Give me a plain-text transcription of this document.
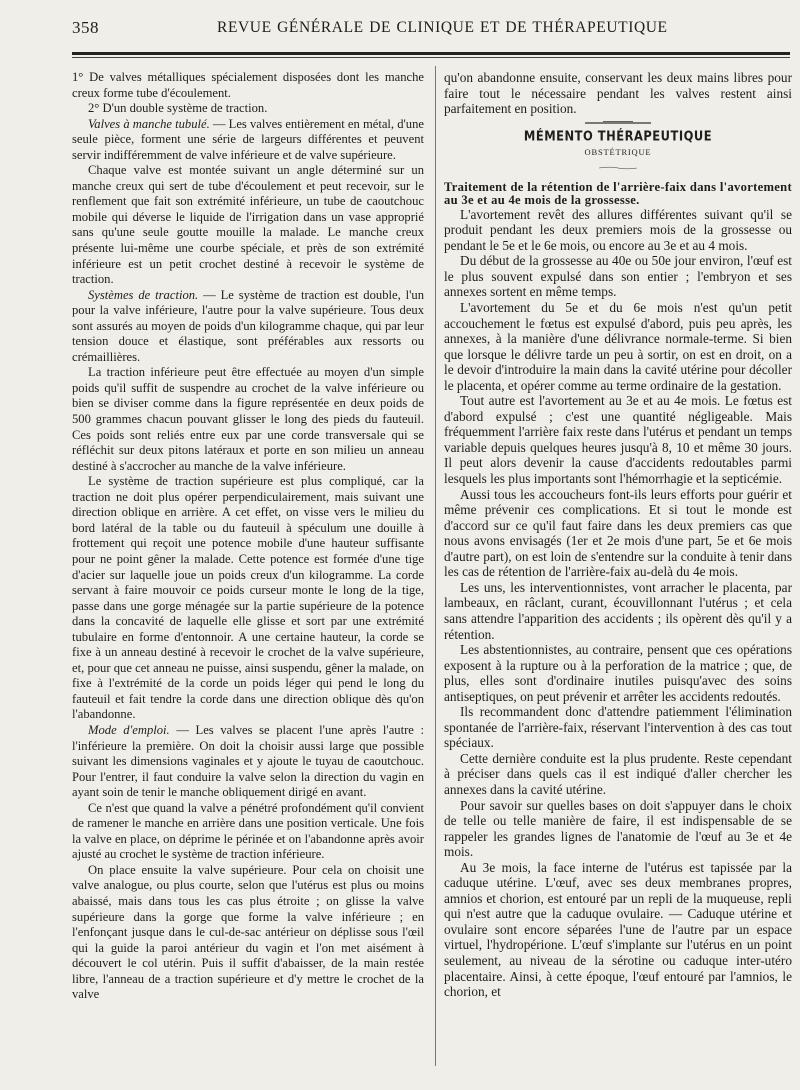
358	REVUE GÉNÉRALE DE CLINIQUE ET DE THÉRAPEUTIQUE

1° De valves métalliques spécialement disposées dont les manche creux forme tube d'écoulement.

2° D'un double système de traction.

Valves à manche tubulé. — Les valves entièrement en métal, d'une seule pièce, forment une série de largeurs différentes et peuvent servir indifféremment de valve inférieure et de valve supérieure.

Chaque valve est montée suivant un angle déterminé sur un manche creux qui sert de tube d'écoulement et peut recevoir, sur le renflement que fait son extrémité inférieure, un tube de caoutchouc mobile qui déverse le liquide de l'irrigation dans un vase approprié sans qu'une seule goutte mouille la malade. Le manche creux présente lui-même une courbe spéciale, et près de son extrémité inférieure est un petit crochet destiné à recevoir le système de traction.

Systèmes de traction. — Le système de traction est double, l'un pour la valve inférieure, l'autre pour la valve supérieure. Tous deux sont assurés au moyen de poids d'un kilogramme chaque, qui par leur tension douce et élastique, sont préférables aux ressorts ou crémaillières.

La traction inférieure peut être effectuée au moyen d'un simple poids qu'il suffit de suspendre au crochet de la valve inférieure ou bien se diviser comme dans la figure représentée en deux poids de 500 grammes chacun pouvant glisser le long des pieds du fauteuil. Ces poids sont reliés entre eux par une corde transversale qui se réfléchit sur deux pitons latéraux et porte en son milieu un anneau destiné à s'accrocher au manche de la valve inférieure.

Le système de traction supérieure est plus compliqué, car la traction ne doit plus opérer perpendiculairement, mais suivant une direction oblique en arrière. A cet effet, on visse vers le milieu du bord latéral de la table ou du fauteuil à spéculum une douille à frottement qui reçoit une potence mobile d'une hauteur suffisante pour ne point gêner la malade. Cette potence est formée d'une tige d'acier sur laquelle joue un poids creux d'un kilogramme. La corde servant à faire mouvoir ce poids curseur monte le long de la tige, passe dans une gorge ménagée sur la partie supérieure de la potence dans la concavité de laquelle elle glisse et sort par une extrémité tubulaire en forme d'entonnoir. A une certaine hauteur, la corde se fixe à un anneau destiné à recevoir le crochet de la valve supérieure, et, pour que cet anneau ne puisse, ainsi suspendu, gêner la malade, on fixe à l'extrémité de la corde un poids léger qui pend le long du fauteuil et fait tendre la corde dans une direction oblique dès qu'on l'abandonne.

Mode d'emploi. — Les valves se placent l'une après l'autre : l'inférieure la première. On doit la choisir aussi large que possible suivant les dimensions vaginales et y ajoute le tuyau de caoutchouc. Pour l'entrer, il faut conduire la valve selon la direction du vagin en ayant soin de tenir le manche obliquement dirigé en avant.

Ce n'est que quand la valve a pénétré profondément qu'il convient de ramener le manche en arrière dans une position verticale. Une fois la valve en place, on déprime le périnée et on l'abandonne après avoir ajusté au crochet le système de traction inférieure.

On place ensuite la valve supérieure. Pour cela on choisit une valve analogue, ou plus courte, selon que l'utérus est plus ou moins abaissé, mais dans tous les cas plus étroite ; on glisse la valve supérieure dans la gorge que forme la valve inférieure ; en l'enfonçant jusque dans le cul-de-sac antérieur on déplisse sous l'œil qui la guide la paroi antérieur du vagin et l'on met aisément à découvert le col utérin. Puis il suffit d'abaisser, de la main restée libre, l'anneau de a traction supérieure et d'y mettre le crochet de la valve

qu'on abandonne ensuite, conservant les deux mains libres pour faire tout le nécessaire pendant les valves restent ainsi parfaitement en position.

MÉMENTO THÉRAPEUTIQUE
OBSTÉTRIQUE

Traitement de la rétention de l'arrière-faix dans l'avortement au 3e et au 4e mois de la grossesse.

L'avortement revêt des allures différentes suivant qu'il se produit pendant les deux premiers mois de la grossesse ou pendant le 5e et le 6e mois, ou encore au 3e et au 4 mois.

Du début de la grossesse au 40e ou 50e jour environ, l'œuf est le plus souvent expulsé dans son entier ; l'embryon et ses annexes sortent en même temps.

L'avortement du 5e et du 6e mois n'est qu'un petit accouchement le fœtus est expulsé d'abord, puis peu après, les annexes, à la manière d'une délivrance normale-terme. Si bien que lorsque le délivre tarde un peu à sortir, on est en droit, on a le devoir d'introduire la main dans la cavité utérine pour décoller le placenta, et opérer comme au terme ordinaire de la gestation.

Tout autre est l'avortement au 3e et au 4e mois. Le fœtus est d'abord expulsé ; c'est une quantité négligeable. Mais fréquemment l'arrière faix reste dans l'utérus et pendant un temps variable depuis quelques heures jusqu'à 8, 10 et même 30 jours. Il peut alors devenir la cause d'accidents redoutables parmi lesquels les plus importants sont l'hémorrhagie et la septicémie.

Aussi tous les accoucheurs font-ils leurs efforts pour guérir et même prévenir ces complications. Et si tout le monde est d'accord sur ce qu'il faut faire dans les deux premiers cas que nous avons envisagés (1er et 2e mois d'une part, 5e et 6e mois d'autre part), on est loin de s'entendre sur la conduite à tenir dans les cas de rétention de l'arrière-faix au-delà du 4e mois.

Les uns, les interventionnistes, vont arracher le placenta, par lambeaux, en râclant, curant, écouvillonnant l'utérus ; et cela sans attendre l'apparition des accidents ; ils opèrent dès qu'il y a rétention.

Les abstentionnistes, au contraire, pensent que ces opérations exposent à la rupture ou à la perforation de la matrice ; que, de plus, elles sont d'ordinaire inutiles puisqu'avec des soins antiseptiques, on peut prévenir et arrêter les accidents redoutés.

Ils recommandent donc d'attendre patiemment l'élimination spontanée de l'arrière-faix, réservant l'intervention à des cas tout spéciaux.

Cette dernière conduite est la plus prudente. Reste cependant à préciser dans quels cas il est indiqué d'aller chercher les annexes dans la cavité utérine.

Pour savoir sur quelles bases on doit s'appuyer dans le choix de telle ou telle manière de faire, il est indispensable de se rappeler les grandes lignes de l'anatomie de l'œuf au 3e et 4e mois.

Au 3e mois, la face interne de l'utérus est tapissée par la caduque utérine. L'œuf, avec ses deux membranes propres, amnios et chorion, est entouré par un repli de la muqueuse, repli qui n'est autre que la caduque ovulaire. — Caduque utérine et ovulaire sont encore séparées l'une de l'autre par un espace virtuel, l'hydropérione. L'œuf s'implante sur l'utérus en un point seulement, au niveau de la sérotine ou caduque inter-utéro placentaire. Ainsi, à cette époque, l'œuf entouré par l'amnios, le chorion, et
